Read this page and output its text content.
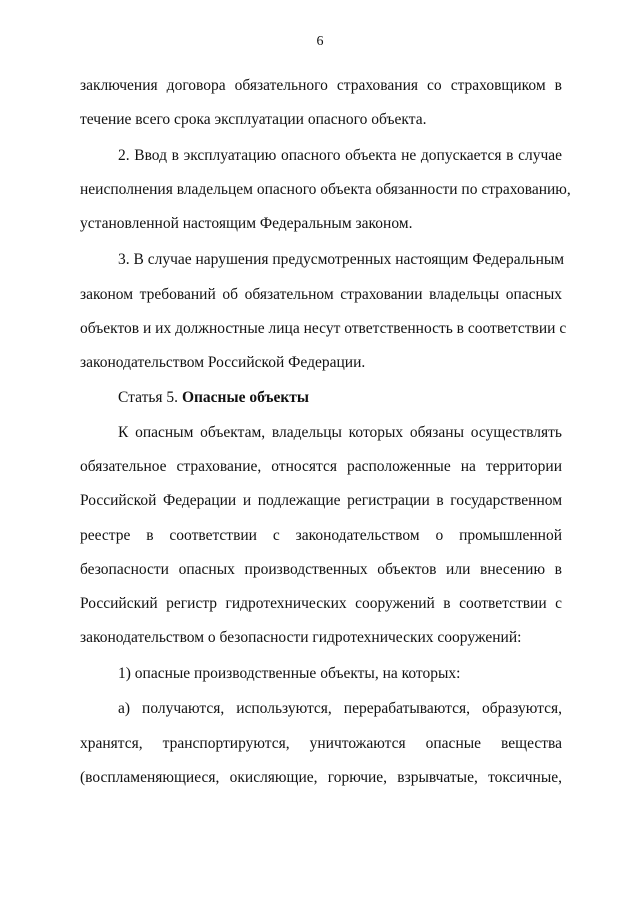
6
заключения договора обязательного страхования со страховщиком в
течение всего срока эксплуатации опасного объекта.
2. Ввод в эксплуатацию опасного объекта не допускается в случае
неисполнения владельцем опасного объекта обязанности по страхованию,
установленной настоящим Федеральным законом.
3. В случае нарушения предусмотренных настоящим Федеральным
законом требований об обязательном страховании владельцы опасных
объектов и их должностные лица несут ответственность в соответствии с
законодательством Российской Федерации.
Статья 5. Опасные объекты
К опасным объектам, владельцы которых обязаны осуществлять
обязательное страхование, относятся расположенные на территории
Российской Федерации и подлежащие регистрации в государственном
реестре в соответствии с законодательством о промышленной
безопасности опасных производственных объектов или внесению в
Российский регистр гидротехнических сооружений в соответствии с
законодательством о безопасности гидротехнических сооружений:
1) опасные производственные объекты, на которых:
а) получаются, используются, перерабатываются, образуются,
хранятся, транспортируются, уничтожаются опасные вещества
(воспламеняющиеся, окисляющие, горючие, взрывчатые, токсичные,
